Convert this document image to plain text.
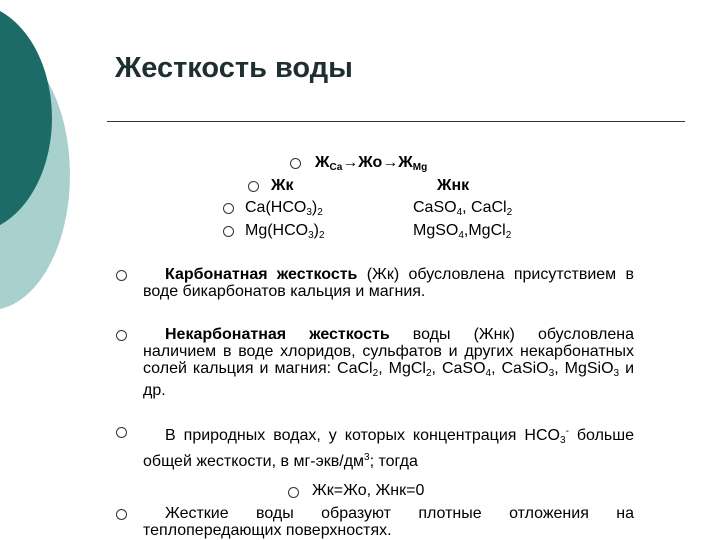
Жесткость воды
$Ж_{Ca}\to Жо\to Ж_{Mg}$
Жк	Жнк
$Ca(HCO_3)_2$	CaSO$_4$, CaCl$_2$
$Mg(HCO_3)_2$	MgSO$_4$,MgCl$_2$
Карбонатная жесткость (Жк) обусловлена присутствием в воде бикарбонатов кальция и магния.
Некарбонатная жесткость воды (Жнк) обусловлена наличием в воде хлоридов, сульфатов и других некарбонатных солей кальция и магния: CaCl$_2$, MgCl$_2$, CaSO$_4$, CaSiO$_3$, MgSiO$_3$ и др.
В природных водах, у которых концентрация $HCO_3^-$ больше общей жесткости, в $мг-экв/дм^3$; тогда
Жк=Жо, Жнк=0
Жесткие воды образуют плотные отложения на теплопередающих поверхностях.
